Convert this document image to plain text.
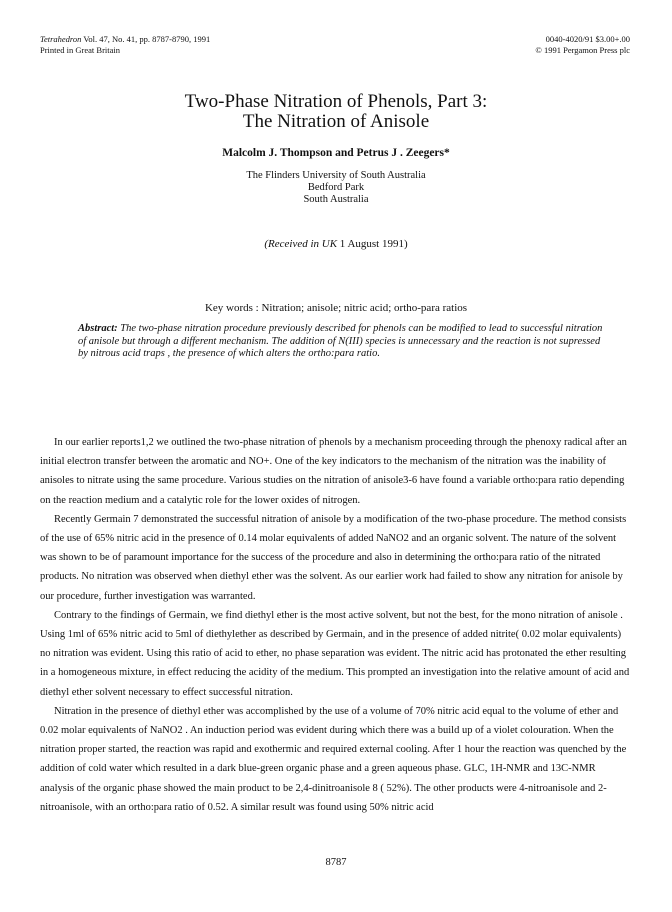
Tetrahedron Vol. 47, No. 41, pp. 8787-8790, 1991
Printed in Great Britain
0040-4020/91 $3.00+.00
© 1991 Pergamon Press plc
Two-Phase Nitration of Phenols, Part 3:
The Nitration of Anisole
Malcolm J. Thompson and Petrus J . Zeegers*
The Flinders University of South Australia
Bedford Park
South Australia
(Received in UK 1 August 1991)
Key words : Nitration; anisole; nitric acid; ortho-para ratios
Abstract: The two-phase nitration procedure previously described for phenols can be modified to lead to successful nitration of anisole but through a different mechanism. The addition of N(III) species is unnecessary and the reaction is not supressed by nitrous acid traps , the presence of which alters the ortho:para ratio.

In our earlier reports1,2 we outlined the two-phase nitration of phenols by a mechanism proceeding through the phenoxy radical after an initial electron transfer between the aromatic and NO+. One of the key indicators to the mechanism of the nitration was the inability of anisoles to nitrate using the same procedure. Various studies on the nitration of anisole3-6 have found a variable ortho:para ratio depending on the reaction medium and a catalytic role for the lower oxides of nitrogen.

Recently Germain 7 demonstrated the successful nitration of anisole by a modification of the two-phase procedure. The method consists of the use of 65% nitric acid in the presence of 0.14 molar equivalents of added NaNO2 and an organic solvent. The nature of the solvent was shown to be of paramount importance for the success of the procedure and also in determining the ortho:para ratio of the nitrated products. No nitration was observed when diethyl ether was the solvent. As our earlier work had failed to show any nitration for anisole by our procedure, further investigation was warranted.

Contrary to the findings of Germain, we find diethyl ether is the most active solvent, but not the best, for the mono nitration of anisole . Using 1ml of 65% nitric acid to 5ml of diethylether as described by Germain, and in the presence of added nitrite( 0.02 molar equivalents) no nitration was evident. Using this ratio of acid to ether, no phase separation was evident. The nitric acid has protonated the ether resulting in a homogeneous mixture, in effect reducing the acidity of the medium. This prompted an investigation into the relative amount of acid and diethyl ether solvent necessary to effect successful nitration.

Nitration in the presence of diethyl ether was accomplished by the use of a volume of 70% nitric acid equal to the volume of ether and 0.02 molar equivalents of NaNO2 . An induction period was evident during which there was a build up of a violet colouration. When the nitration proper started, the reaction was rapid and exothermic and required external cooling. After 1 hour the reaction was quenched by the addition of cold water which resulted in a dark blue-green organic phase and a green aqueous phase. GLC, 1H-NMR and 13C-NMR analysis of the organic phase showed the main product to be 2,4-dinitroanisole 8 ( 52%). The other products were 4-nitroanisole and 2-nitroanisole, with an ortho:para ratio of 0.52. A similar result was found using 50% nitric acid

8787
